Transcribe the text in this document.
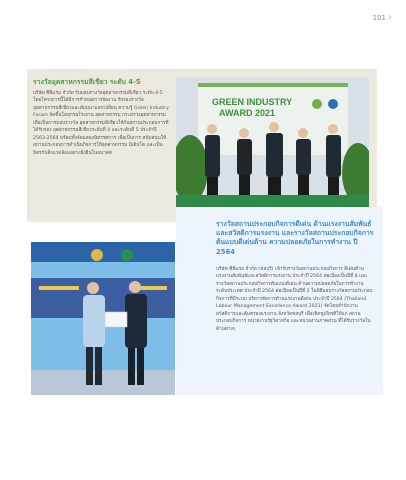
101 ›
รางวัลอุตสาหกรรมสีเขียว ระดับ 4-5
บริษัท ซีพีแรม จำกัด รับมอบรางวัลอุตสาหกรรมสีเขียว ระดับ 4-5 โดยโครงการนี้ได้มีการกำหนดการจัดงาน รับรองรางวัลอุตสาหกรรมสีเขียวและสัมมนาแลกเปลี่ยน ความรู้ Green Industry Forum จัดขึ้นโดยกรมโรงงาน อุตสาหกรรม กระทรวงอุตสาหกรรม เพื่อเป็นการมอบรางวัล อุตสาหกรรมสีเขียวให้กับสถานประกอบการที่ได้รับรอง อุตสาหกรรมสีเขียวระดับที่ 4 และระดับที่ 5 ประจำปี 2563-2564 พร้อมทั้งจัดแสดงนิทรรศการ เพื่อเป็นการ สนับสนุนให้สถานประกอบการดำเนินกิจการให้อุตสาหกรรม มีเติบโต และเป็นมิตรกับสิ่งแวดล้อมอย่างยั่งยืนในอนาคต
GREEN INDUSTRY
AWARD 2021
รางวัลสถานประกอบกิจการดีเด่น ด้านแรงงานสัมพันธ์และสวัสดิการแรงงาน และรางวัลสถานประกอบกิจการต้นแบบดีเด่นด้าน ความปลอดภัยในการทำงาน ปี 2564
บริษัท ซีพีแรม จำกัด (ชลบุรี) เข้ารับรางวัลสถานประกอบกิจการ ดีเด่นด้านแรงงานสัมพันธ์และสวัสดิการแรงงาน ประจำปี 2564 ต่อเนื่องเป็นปีที่ 8 และรางวัลสถานประกอบกิจการต้นแบบดีเด่น ด้านความปลอดภัยในการทำงาน ระดับประเทศ ประจำปี 2564 ต่อเนื่องเป็นปีที่ 2 ในพิธีมอบรางวัลสถานประกอบกิจการที่มีระบบ บริหารจัดการด้านแรงงานดีเด่น ประจำปี 2564 (Thailand Labour Management Excellence Award 2021) จัดโดยสำนักงาน สวัสดิการและคุ้มครองแรงงาน จังหวัดชลบุรี เพื่อเชิดชูเกียรติให้แก่ สถานประกอบกิจการ หน่วยงานรัฐวิสาหกิจ และหน่วยงานภาคส่วน ที่ได้รับรางวัลในด้านต่างๆ
